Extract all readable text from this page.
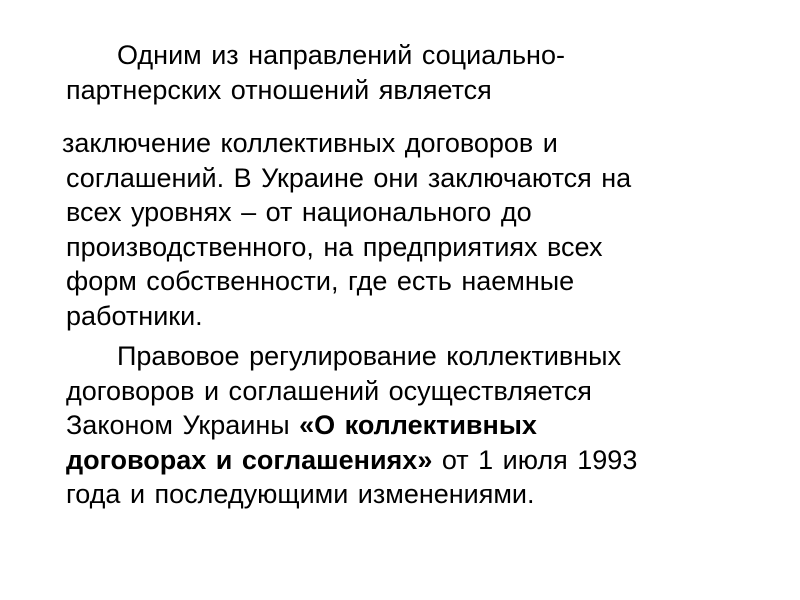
Одним из направлений социально-
партнерских отношений является
заключение коллективных договоров и
соглашений. В Украине они заключаются на
всех уровнях – от национального до
производственного, на предприятиях всех
форм собственности, где есть наемные
работники.
Правовое регулирование коллективных
договоров и соглашений осуществляется
Законом Украины «О коллективных
договорах и соглашениях» от 1 июля 1993
года и последующими изменениями.
